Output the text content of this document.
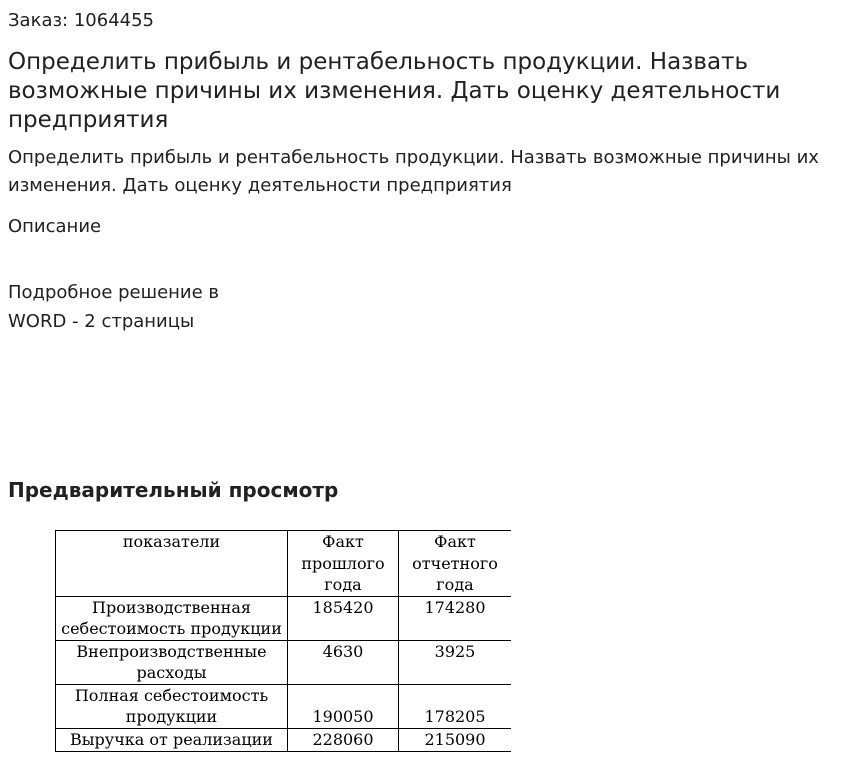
Заказ: 1064455
Определить прибыль и рентабельность продукции. Назвать возможные причины их изменения. Дать оценку деятельности предприятия
Определить прибыль и рентабельность продукции. Назвать возможные причины их изменения. Дать оценку деятельности предприятия
Описание
Подробное решение в WORD - 2 страницы
Предварительный просмотр
показатели	Факт прошлого года	Факт отчетного года
Производственная себестоимость продукции	185420	174280
Внепроизводственные расходы	4630	3925
Полная себестоимость продукции	190050	178205
Выручка от реализации	228060	215090
